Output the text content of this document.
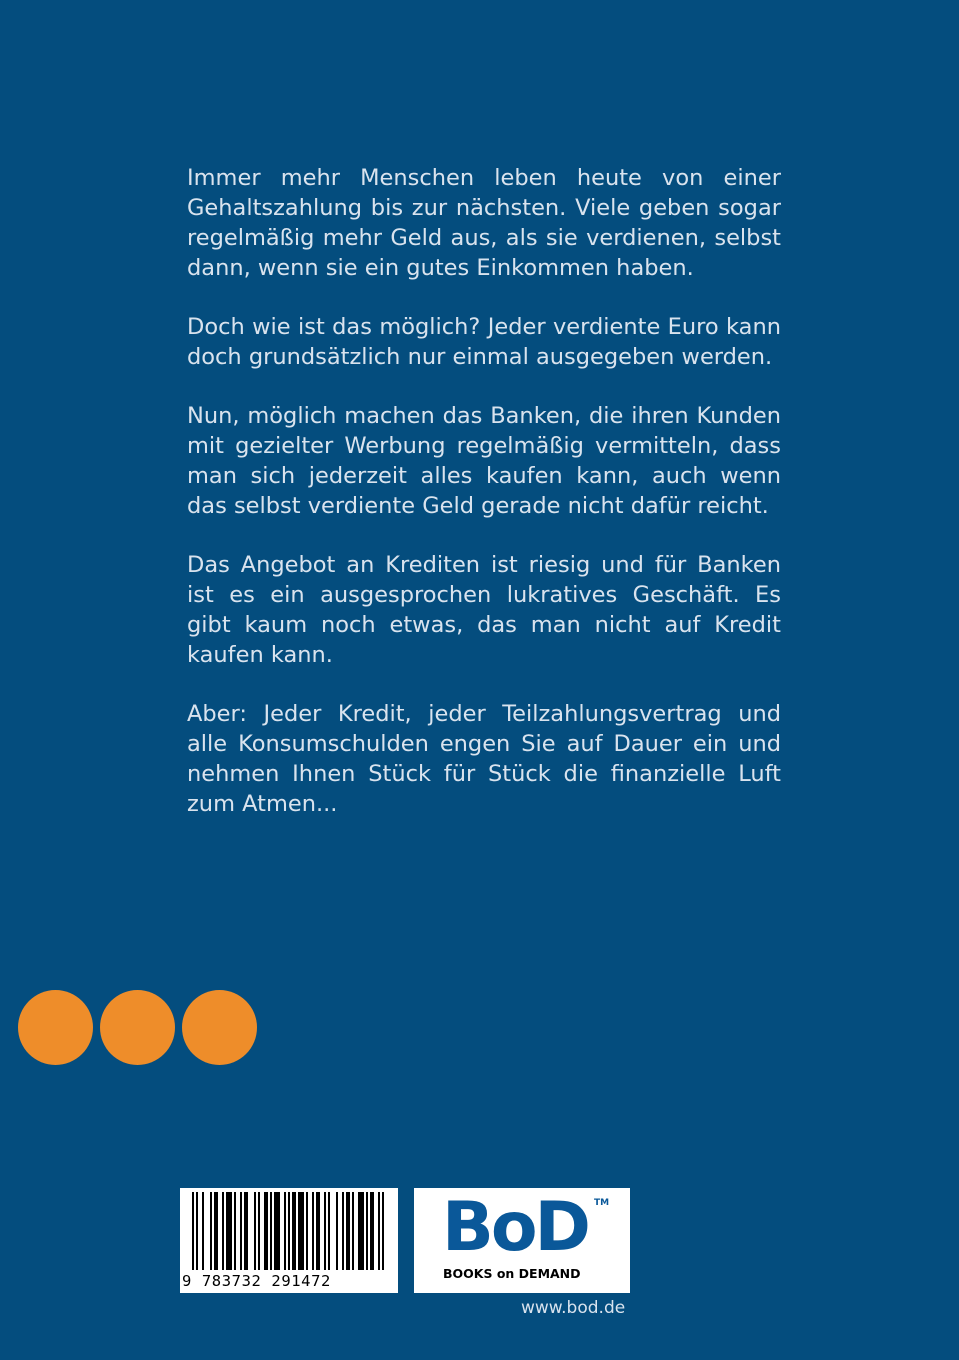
Immer mehr Menschen leben heute von einer Gehaltszahlung bis zur nächsten. Viele geben sogar regelmäßig mehr Geld aus, als sie verdienen, selbst dann, wenn sie ein gutes Einkommen haben.

Doch wie ist das möglich? Jeder verdiente Euro kann doch grundsätzlich nur einmal ausgegeben werden.

Nun, möglich machen das Banken, die ihren Kunden mit gezielter Werbung regelmäßig vermitteln, dass man sich jederzeit alles kaufen kann, auch wenn das selbst verdiente Geld gerade nicht dafür reicht.

Das Angebot an Krediten ist riesig und für Banken ist es ein ausgesprochen lukratives Geschäft. Es gibt kaum noch etwas, das man nicht auf Kredit kaufen kann.

Aber: Jeder Kredit, jeder Teilzahlungsvertrag und alle Konsumschulden engen Sie auf Dauer ein und nehmen Ihnen Stück für Stück die finanzielle Luft zum Atmen...

9 783732 291472
BoD TM
BOOKS on DEMAND
www.bod.de
